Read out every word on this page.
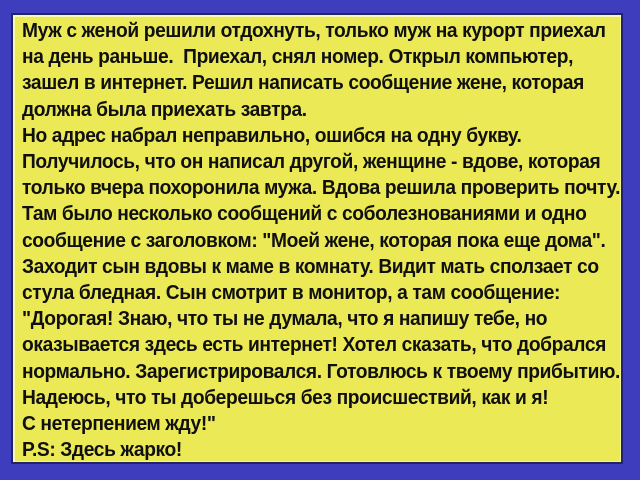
Муж с женой решили отдохнуть, только муж на курорт приехал
на день раньше.  Приехал, снял номер. Открыл компьютер,
зашел в интернет. Решил написать сообщение жене, которая
должна была приехать завтра.
Но адрес набрал неправильно, ошибся на одну букву.
Получилось, что он написал другой, женщине - вдове, которая
только вчера похоронила мужа. Вдова решила проверить почту.
Там было несколько сообщений с соболезнованиями и одно
сообщение с заголовком: "Моей жене, которая пока еще дома".
Заходит сын вдовы к маме в комнату. Видит мать сползает со
стула бледная. Сын смотрит в монитор, а там сообщение:
"Дорогая! Знаю, что ты не думала, что я напишу тебе, но
оказывается здесь есть интернет! Хотел сказать, что добрался
нормально. Зарегистрировался. Готовлюсь к твоему прибытию.
Надеюсь, что ты доберешься без происшествий, как и я!
С нетерпением жду!"
P.S: Здесь жарко!
